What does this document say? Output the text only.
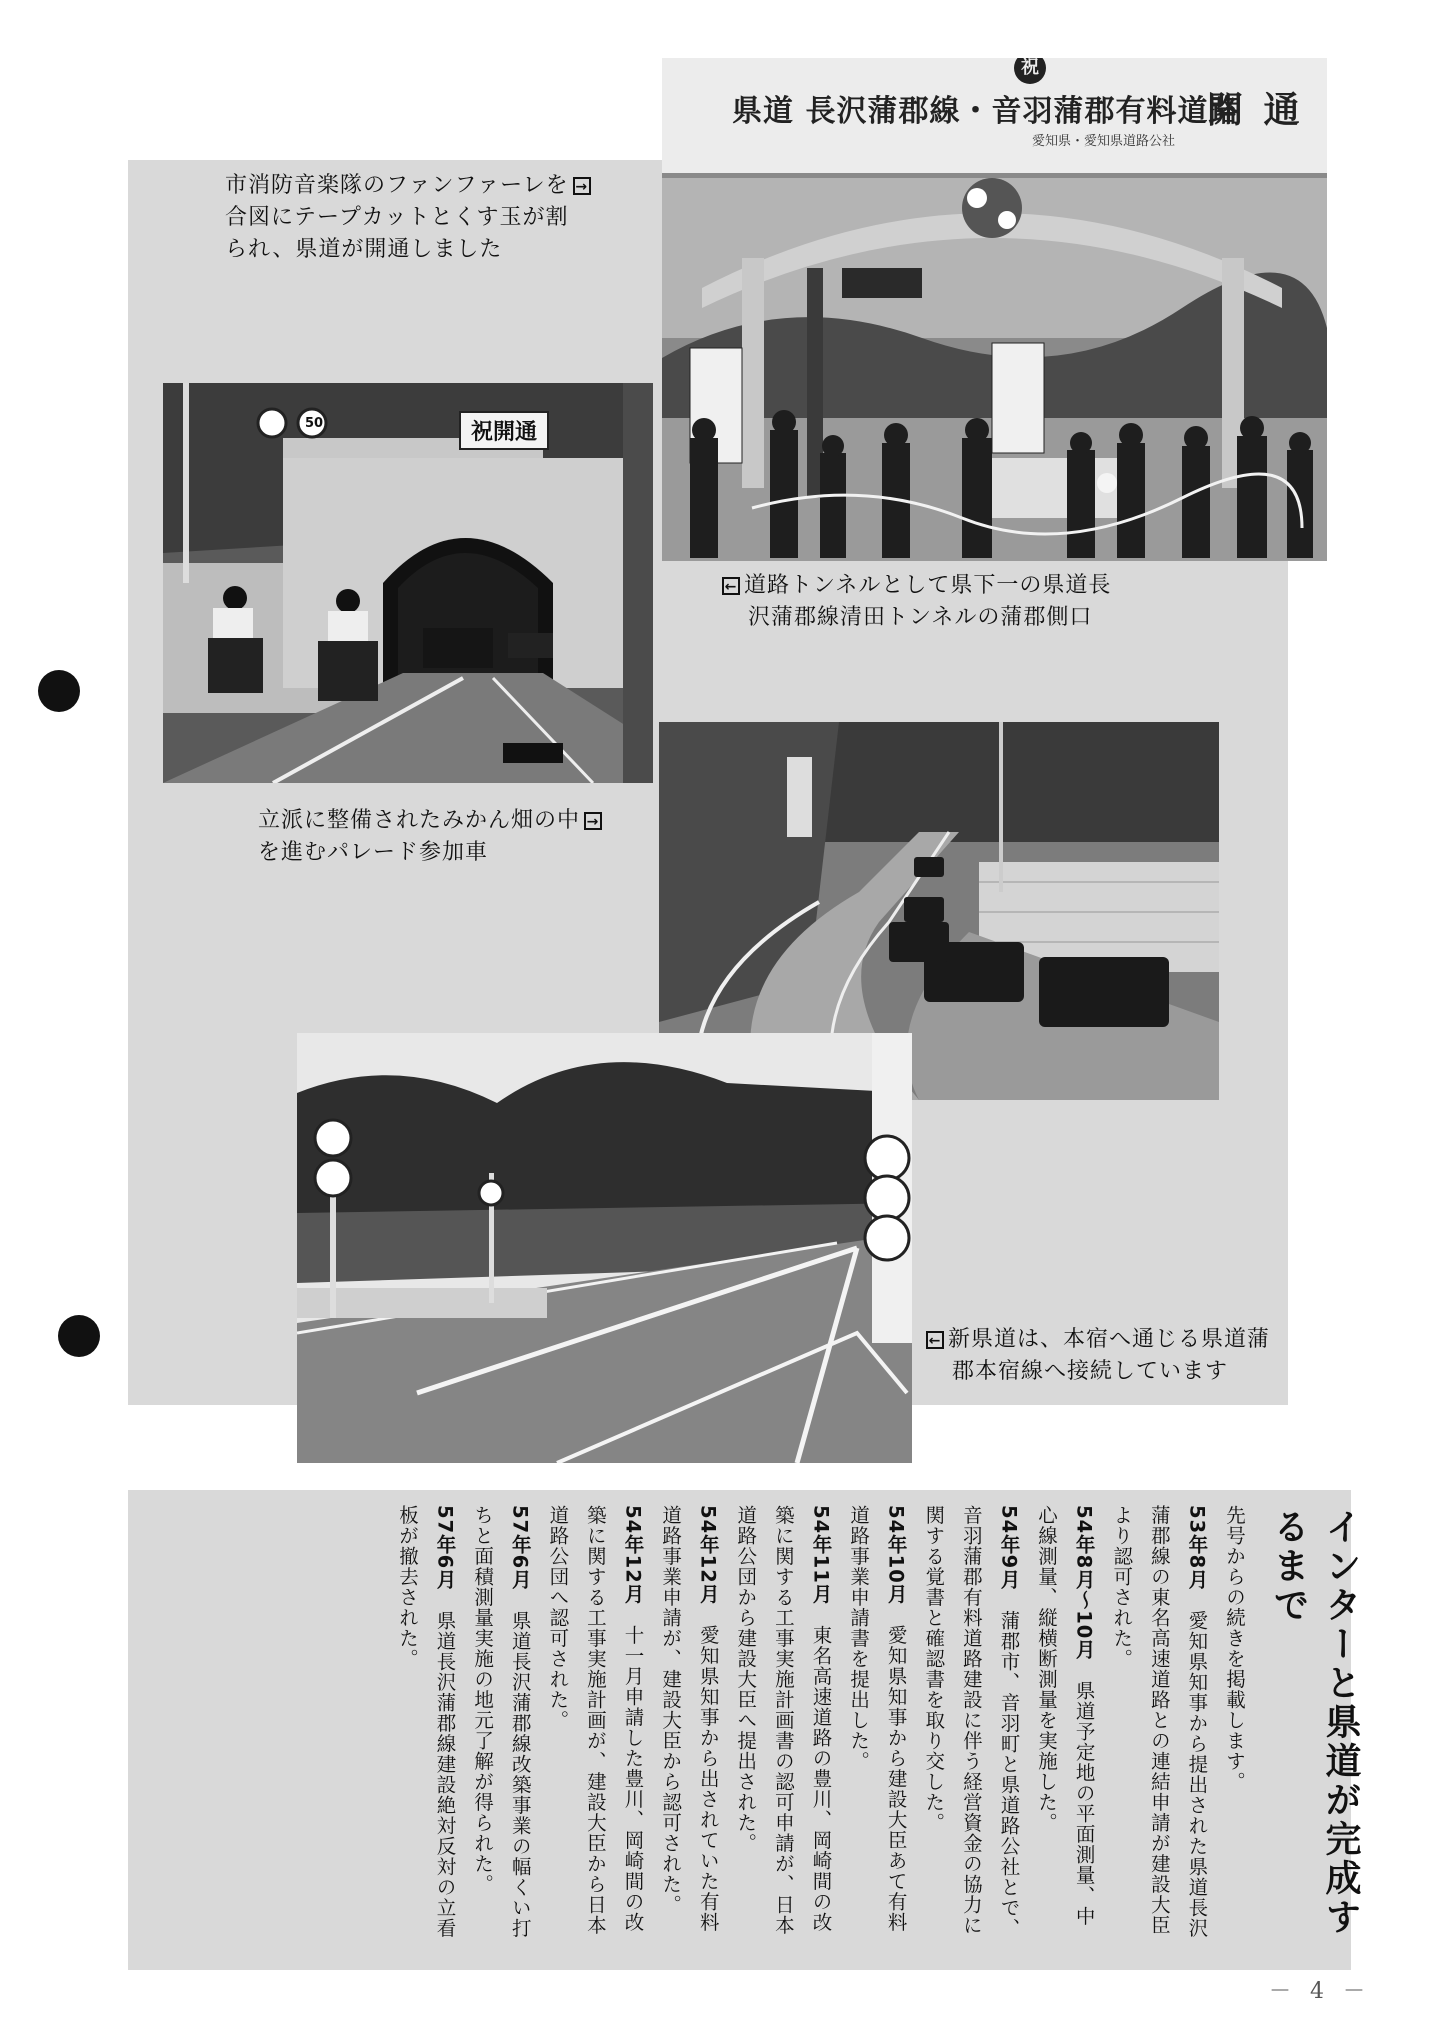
祝
県道 長沢蒲郡線・音羽蒲郡有料道路
開 通
愛知県・愛知県道路公社
50	祝開通
市消防音楽隊のファンファーレを →
合図にテープカットとくす玉が割
られ、県道が開通しました
← 道路トンネルとして県下一の県道長
沢蒲郡線清田トンネルの蒲郡側口
立派に整備されたみかん畑の中 →
を進むパレード参加車
← 新県道は、本宿へ通じる県道蒲
郡本宿線へ接続しています
インターと県道が完成するまで

先号からの続きを掲載します。

53年8月　愛知県知事から提出された県道長沢蒲郡線の東名高速道路との連結申請が建設大臣より認可された。

54年8月～10月　県道予定地の平面測量、中心線測量、縦横断測量を実施した。

54年9月　蒲郡市、音羽町と県道路公社とで、音羽蒲郡有料道路建設に伴う経営資金の協力に関する覚書と確認書を取り交した。

54年10月　愛知県知事から建設大臣あて有料道路事業申請書を提出した。

54年11月　東名高速道路の豊川、岡崎間の改築に関する工事実施計画書の認可申請が、日本道路公団から建設大臣へ提出された。

54年12月　愛知県知事から出されていた有料道路事業申請が、建設大臣から認可された。

54年12月　十一月申請した豊川、岡崎間の改築に関する工事実施計画が、建設大臣から日本道路公団へ認可された。

57年6月　県道長沢蒲郡線改築事業の幅くい打ちと面積測量実施の地元了解が得られた。

57年6月　県道長沢蒲郡線建設絶対反対の立看板が撤去された。

－ 4 －
